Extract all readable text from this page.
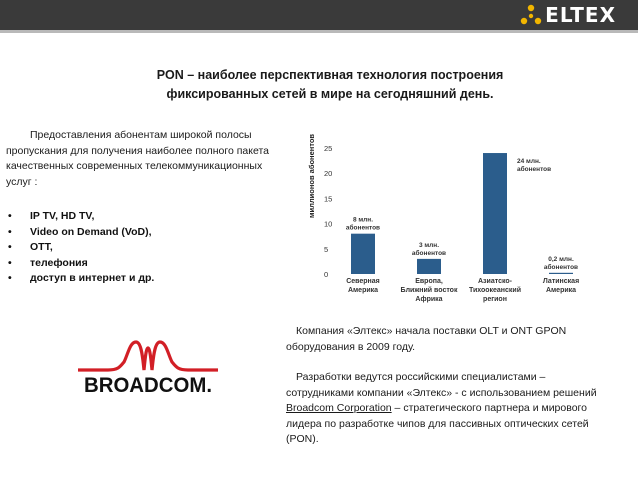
ELTEX
PON – наиболее перспективная технология построения
фиксированных сетей в мире на сегодняшний день.
Предоставления абонентам широкой полосы
пропускания для получения наиболее полного пакета
качественных современных телекоммуникационных
услуг :
• IP TV, HD TV,
• Video on Demand (VoD),
• OTT,
• телефония
• доступ в интернет и др.
миллионов абонентов
0
5
10
15
20
25
8 млн.
абонентов
Северная
Америка
3 млн.
абонентов
Европа,
Ближний восток
Африка
24 млн.
абонентов
Азиатско-
Тихоокеанский
регион
0,2 млн.
абонентов
Латинская
Америка
BROADCOM.
Компания «Элтекс» начала поставки OLT и ONT GPON
оборудования в 2009 году.
Разработки ведутся российскими специалистами –
сотрудниками компании «Элтекс» - с использованием решений
Broadcom Corporation – стратегического партнера и мирового
лидера по разработке чипов для пассивных оптических сетей
(PON).
